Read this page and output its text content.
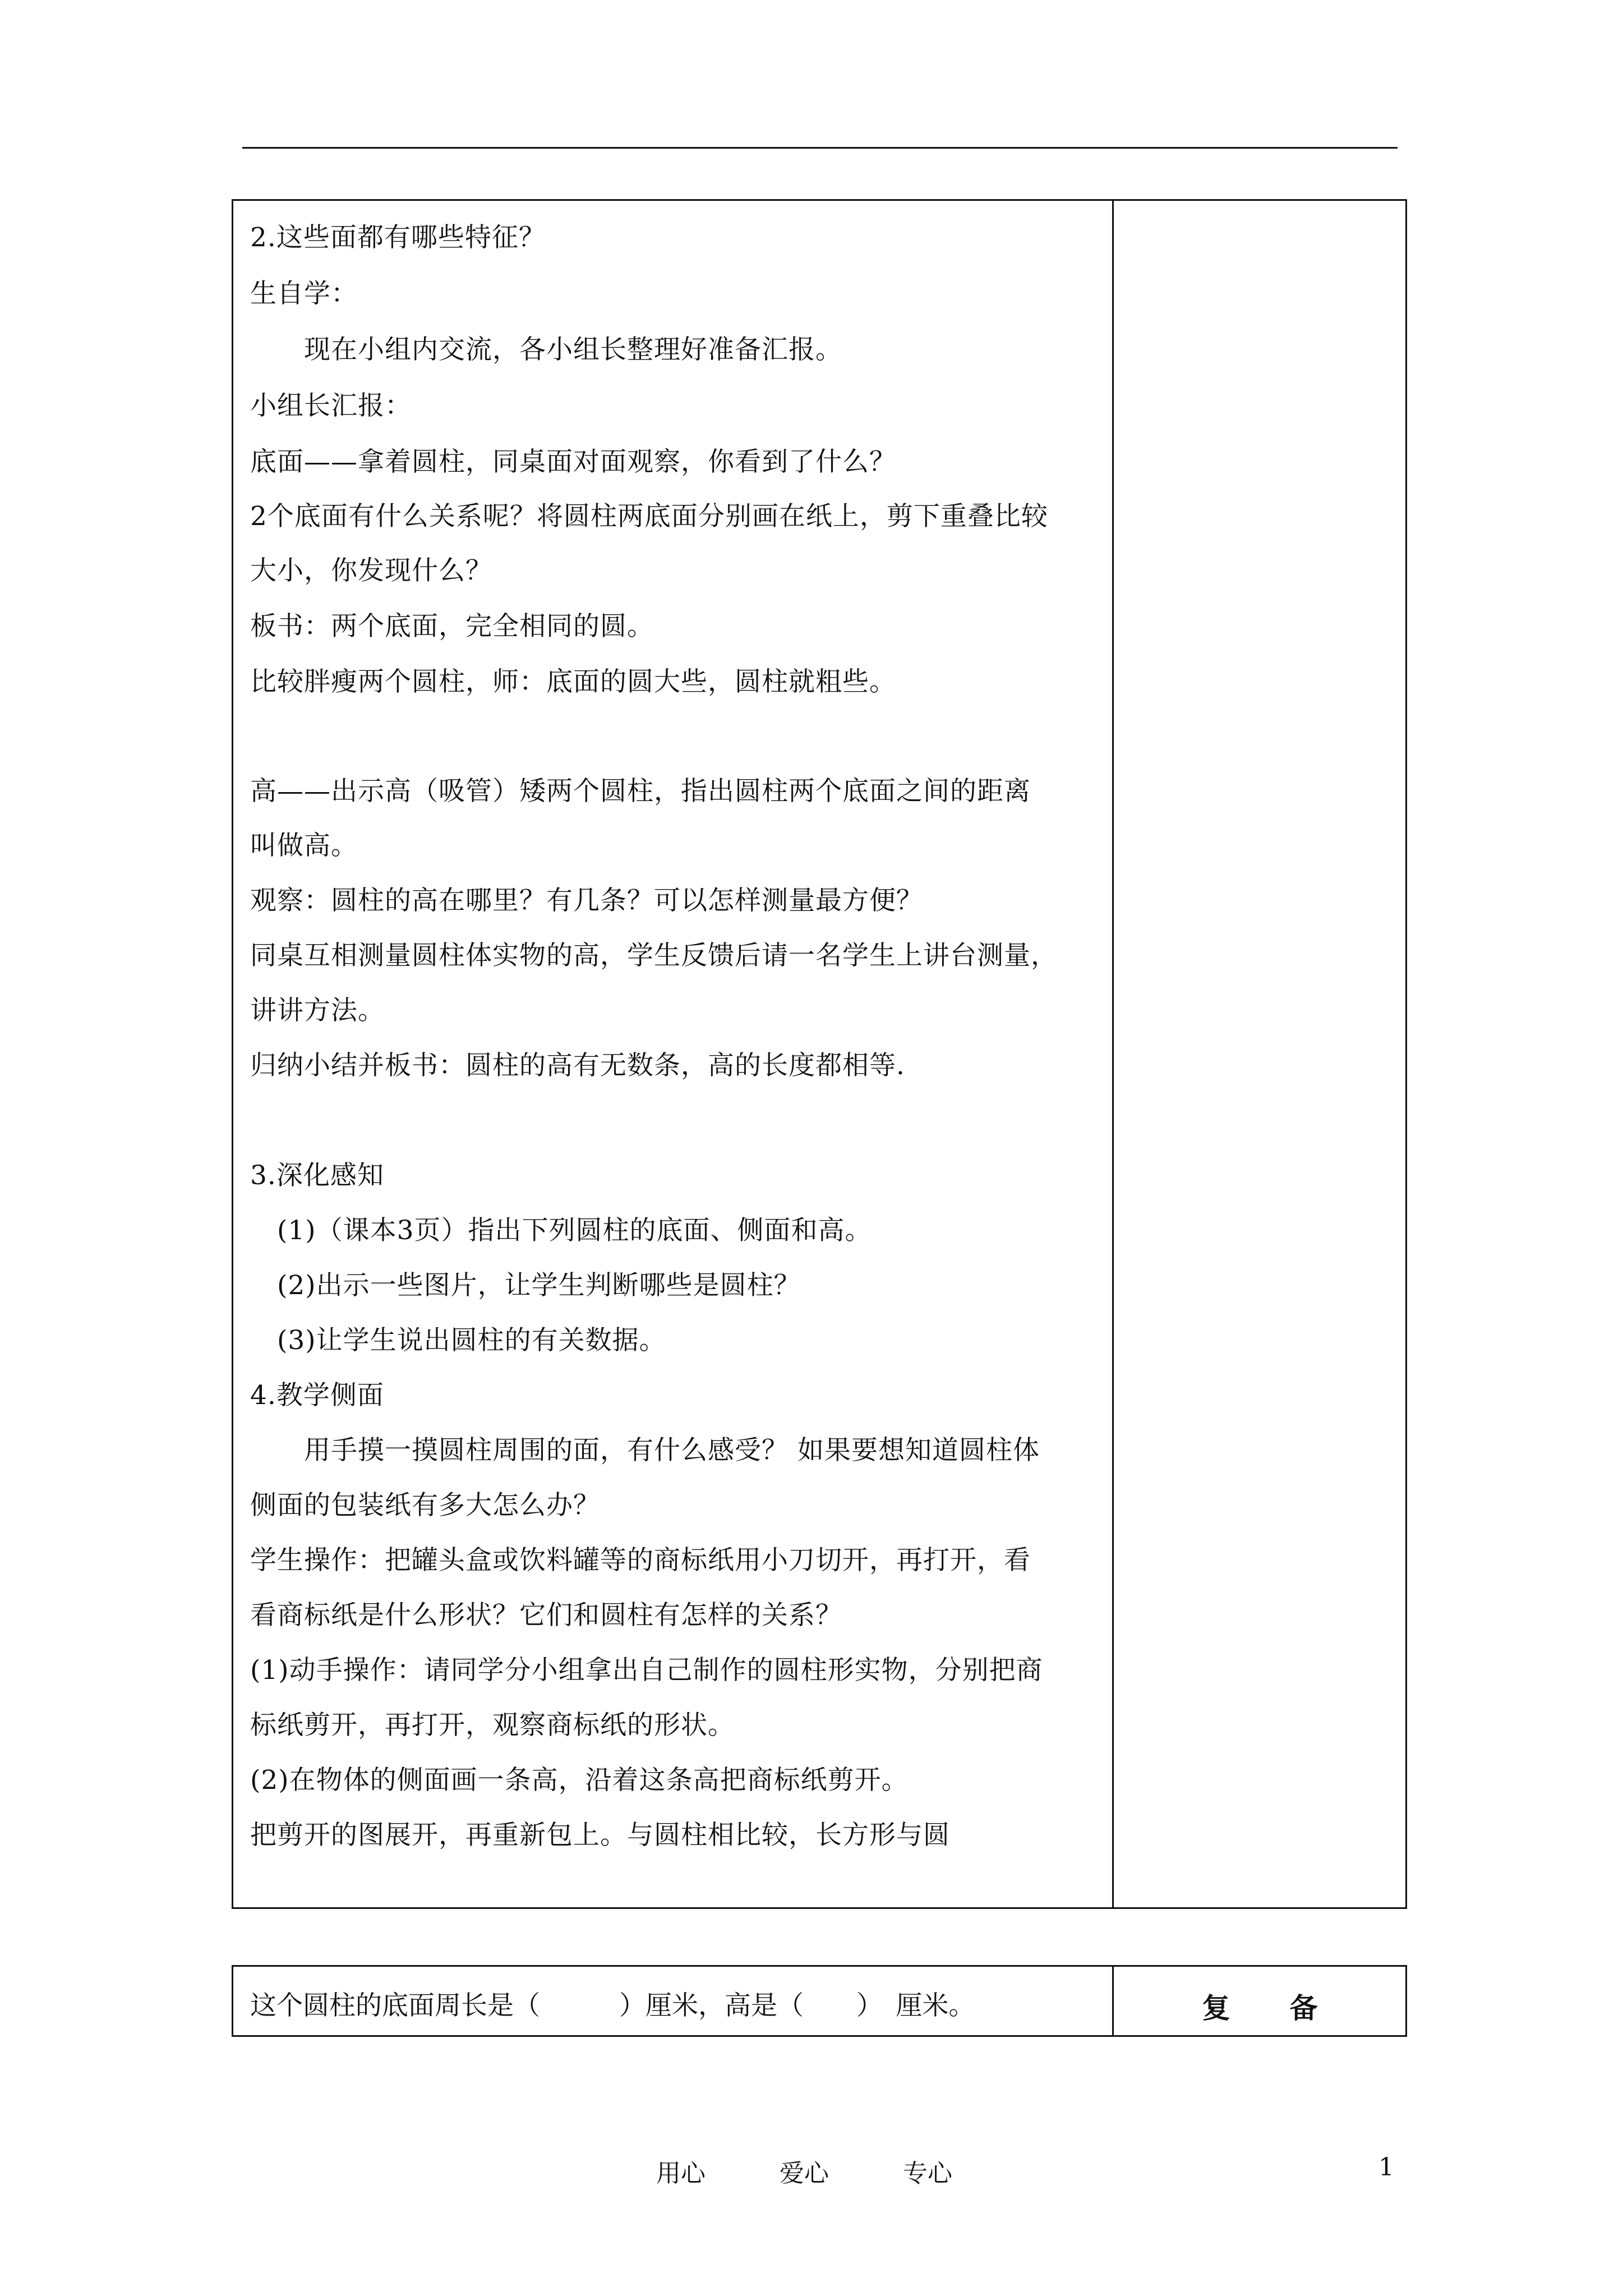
2.这些面都有哪些特征？
生自学：
　　现在小组内交流，各小组长整理好准备汇报。
小组长汇报：
底面——拿着圆柱，同桌面对面观察，你看到了什么？
2个底面有什么关系呢？将圆柱两底面分别画在纸上，剪下重叠比较
大小，你发现什么？
板书：两个底面，完全相同的圆。
比较胖瘦两个圆柱，师：底面的圆大些，圆柱就粗些。
高——出示高（吸管）矮两个圆柱，指出圆柱两个底面之间的距离
叫做高。
观察：圆柱的高在哪里？有几条？可以怎样测量最方便？
同桌互相测量圆柱体实物的高，学生反馈后请一名学生上讲台测量，
讲讲方法。
归纳小结并板书：圆柱的高有无数条，高的长度都相等.
3.深化感知
　(1)（课本3页）指出下列圆柱的底面、侧面和高。
　(2)出示一些图片，让学生判断哪些是圆柱？
　(3)让学生说出圆柱的有关数据。
4.教学侧面
　　用手摸一摸圆柱周围的面，有什么感受？ 如果要想知道圆柱体
侧面的包装纸有多大怎么办？
学生操作：把罐头盒或饮料罐等的商标纸用小刀切开，再打开，看
看商标纸是什么形状？它们和圆柱有怎样的关系？
(1)动手操作：请同学分小组拿出自己制作的圆柱形实物，分别把商
标纸剪开，再打开，观察商标纸的形状。
(2)在物体的侧面画一条高，沿着这条高把商标纸剪开。
把剪开的图展开，再重新包上。与圆柱相比较，长方形与圆
这个圆柱的底面周长是（　　　）厘米，高是（　　）　厘米。	复　　备
用心　　　爱心　　　专心	1
